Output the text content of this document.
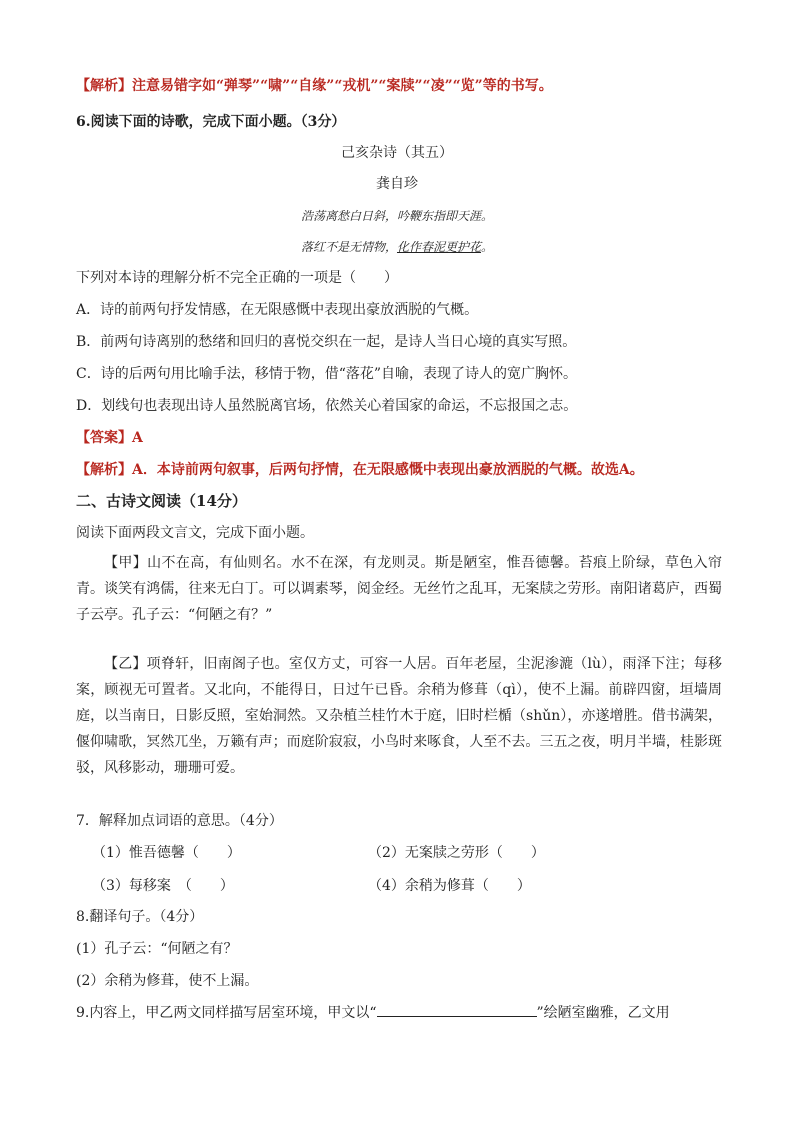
【解析】注意易错字如“弹琴”“啸”“自缘”“戎机”“案牍”“凌”“览”等的书写。
6.阅读下面的诗歌，完成下面小题。（3分）
己亥杂诗（其五）
龚自珍
浩荡离愁白日斜，吟鞭东指即天涯。
落红不是无情物，化作春泥更护花。
下列对本诗的理解分析不完全正确的一项是（　　）
A．诗的前两句抒发情感，在无限感慨中表现出豪放洒脱的气概。
B．前两句诗离别的愁绪和回归的喜悦交织在一起，是诗人当日心境的真实写照。
C．诗的后两句用比喻手法，移情于物，借“落花”自喻，表现了诗人的宽广胸怀。
D．划线句也表现出诗人虽然脱离官场，依然关心着国家的命运，不忘报国之志。
【答案】A
【解析】A．本诗前两句叙事，后两句抒情，在无限感慨中表现出豪放洒脱的气概。故选A。
二、古诗文阅读（14分）
阅读下面两段文言文，完成下面小题。
【甲】山不在高，有仙则名。水不在深，有龙则灵。斯是陋室，惟吾德馨。苔痕上阶绿，草色入帘青。谈笑有鸿儒，往来无白丁。可以调素琴，阅金经。无丝竹之乱耳，无案牍之劳形。南阳诸葛庐，西蜀子云亭。孔子云：“何陋之有？”
【乙】项脊轩，旧南阁子也。室仅方丈，可容一人居。百年老屋，尘泥渗漉（lù），雨泽下注；每移案，顾视无可置者。又北向，不能得日，日过午已昏。余稍为修葺（qì），使不上漏。前辟四窗，垣墙周庭，以当南日，日影反照，室始洞然。又杂植兰桂竹木于庭，旧时栏楯（shǔn），亦遂增胜。借书满架，偃仰啸歌，冥然兀坐，万籁有声；而庭阶寂寂，小鸟时来啄食，人至不去。三五之夜，明月半墙，桂影斑驳，风移影动，珊珊可爱。
7．解释加点词语的意思。（4分）
（1）惟吾德馨（　　）	（2）无案牍之劳形（　　）
（3）每移案　（　　）	（4）余稍为修葺（　　）
8.翻译句子。（4分）
(1）孔子云：“何陋之有？
(2）余稍为修葺，使不上漏。
9.内容上，甲乙两文同样描写居室环境，甲文以“	”绘陋室幽雅，乙文用
